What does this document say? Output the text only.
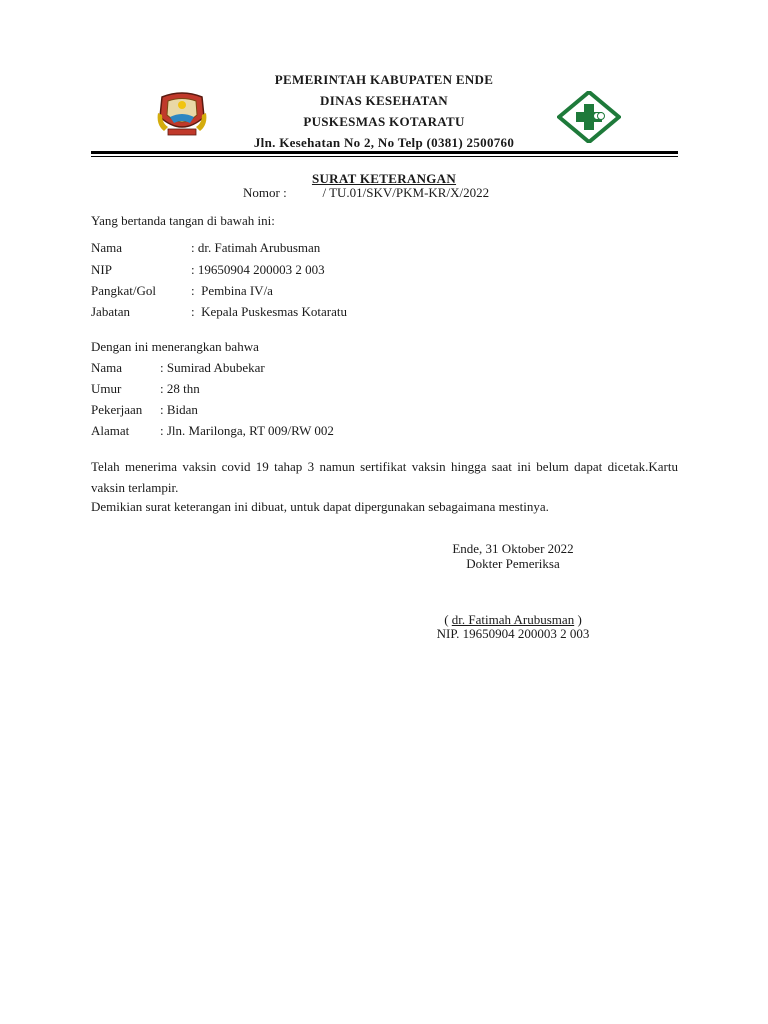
PEMERINTAH KABUPATEN ENDE
DINAS KESEHATAN
PUSKESMAS KOTARATU
Jln. Kesehatan No 2, No Telp (0381) 2500760
SURAT KETERANGAN
Nomor :	/ TU.01/SKV/PKM-KR/X/2022
Yang bertanda tangan di bawah ini:
Nama	: dr. Fatimah Arubusman
NIP	: 19650904 200003 2 003
Pangkat/Gol	:  Pembina IV/a
Jabatan	:  Kepala Puskesmas Kotaratu
Dengan ini menerangkan bahwa
Nama	: Sumirad Abubekar
Umur	: 28 thn
Pekerjaan : Bidan
Alamat : Jln. Marilonga, RT 009/RW 002
Telah menerima vaksin covid 19 tahap 3 namun sertifikat vaksin hingga saat ini belum dapat dicetak.Kartu vaksin terlampir.
Demikian surat keterangan ini dibuat, untuk dapat dipergunakan sebagaimana mestinya.
Ende, 31 Oktober 2022
Dokter Pemeriksa
( dr. Fatimah Arubusman )
NIP. 19650904 200003 2 003
